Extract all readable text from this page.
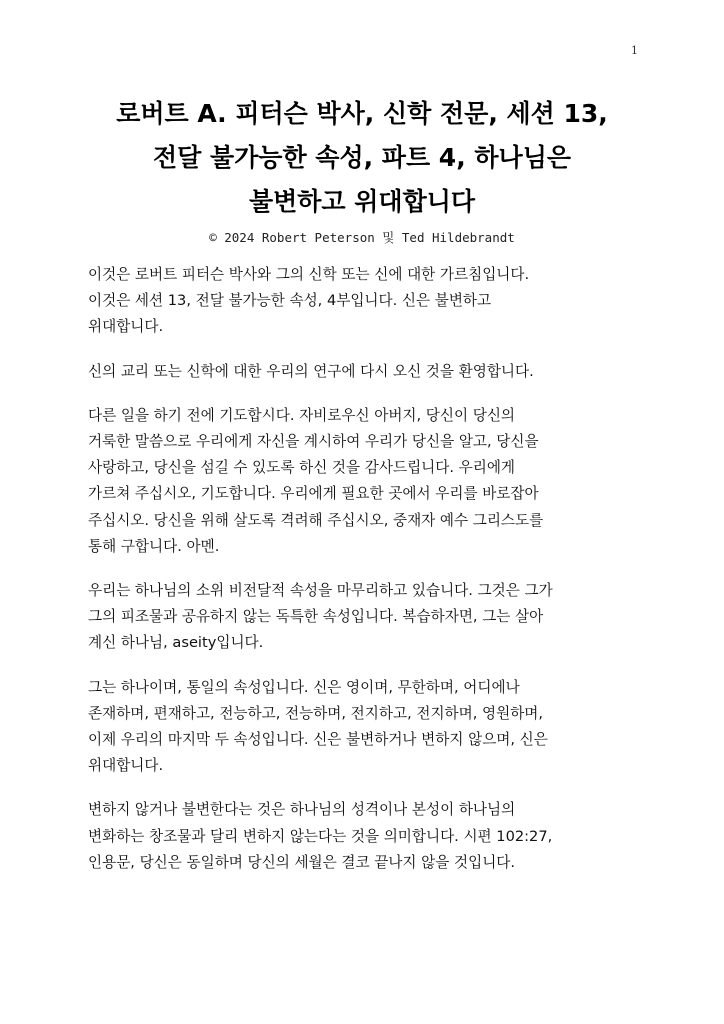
1
로버트 A. 피터슨 박사, 신학 전문, 세션 13,
전달 불가능한 속성, 파트 4, 하나님은
불변하고 위대합니다
© 2024 Robert Peterson 및 Ted Hildebrandt

이것은 로버트 피터슨 박사와 그의 신학 또는 신에 대한 가르침입니다.
이것은 세션 13, 전달 불가능한 속성, 4부입니다. 신은 불변하고
위대합니다.

신의 교리 또는 신학에 대한 우리의 연구에 다시 오신 것을 환영합니다.

다른 일을 하기 전에 기도합시다. 자비로우신 아버지, 당신이 당신의
거룩한 말씀으로 우리에게 자신을 계시하여 우리가 당신을 알고, 당신을
사랑하고, 당신을 섬길 수 있도록 하신 것을 감사드립니다. 우리에게
가르쳐 주십시오, 기도합니다. 우리에게 필요한 곳에서 우리를 바로잡아
주십시오. 당신을 위해 살도록 격려해 주십시오, 중재자 예수 그리스도를
통해 구합니다. 아멘.

우리는 하나님의 소위 비전달적 속성을 마무리하고 있습니다. 그것은 그가
그의 피조물과 공유하지 않는 독특한 속성입니다. 복습하자면, 그는 살아
계신 하나님, aseity입니다.

그는 하나이며, 통일의 속성입니다. 신은 영이며, 무한하며, 어디에나
존재하며, 편재하고, 전능하고, 전능하며, 전지하고, 전지하며, 영원하며,
이제 우리의 마지막 두 속성입니다. 신은 불변하거나 변하지 않으며, 신은
위대합니다.

변하지 않거나 불변한다는 것은 하나님의 성격이나 본성이 하나님의
변화하는 창조물과 달리 변하지 않는다는 것을 의미합니다. 시편 102:27,
인용문, 당신은 동일하며 당신의 세월은 결코 끝나지 않을 것입니다.
